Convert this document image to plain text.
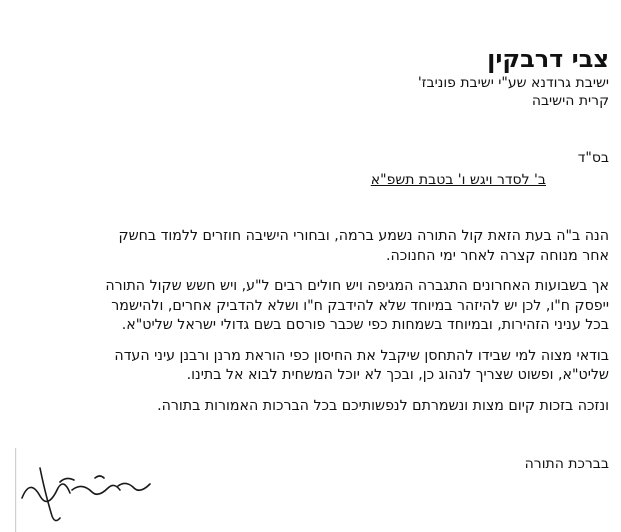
צבי דרבקין

ישיבת גרודנא שע"י ישיבת פוניבז'

קרית הישיבה

בס"ד
ב' לסדר ויגש ו' בטבת תשפ"א

הנה ב"ה בעת הזאת קול התורה נשמע ברמה, ובחורי הישיבה חוזרים ללמוד בחשק אחר מנוחה קצרה לאחר ימי החנוכה.

אך בשבועות האחרונים התגברה המגיפה ויש חולים רבים ל"ע, ויש חשש שקול התורה ייפסק ח"ו, לכן יש להיזהר במיוחד שלא להידבק ח"ו ושלא להדביק אחרים, ולהישמר בכל עניני הזהירות, ובמיוחד בשמחות כפי שכבר פורסם בשם גדולי ישראל שליט"א.

בודאי מצוה למי שבידו להתחסן שיקבל את החיסון כפי הוראת מרנן ורבנן עיני העדה שליט"א, ופשוט שצריך לנהוג כן, ובכך לא יוכל המשחית לבוא אל בתינו.

ונזכה בזכות קיום מצות ונשמרתם לנפשותיכם בכל הברכות האמורות בתורה.

בברכת התורה
